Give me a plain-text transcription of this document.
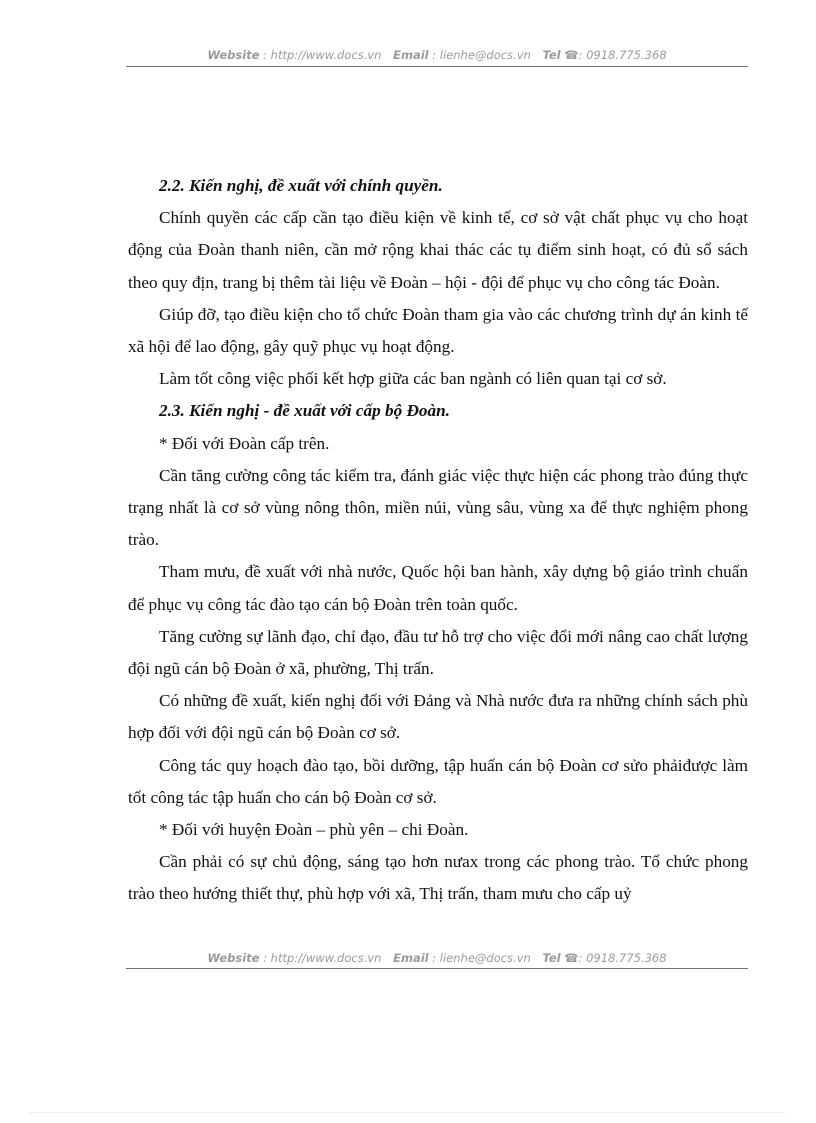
Website : http://www.docs.vn Email : lienhe@docs.vn Tel ☎: 0918.775.368

2.2. Kiến nghị, đề xuất với chính quyền.

Chính quyền các cấp cần tạo điều kiện về kinh tế, cơ sở vật chất phục vụ cho hoạt động của Đoàn thanh niên, cần mở rộng khai thác các tụ điểm sinh hoạt, có đủ sổ sách theo quy địn, trang bị thêm tài liệu về Đoàn – hội - đội để phục vụ cho công tác Đoàn.

Giúp đỡ, tạo điều kiện cho tổ chức Đoàn tham gia vào các chương trình dự án kinh tế xã hội để lao động, gây quỹ phục vụ hoạt động.

Làm tốt công việc phối kết hợp giữa các ban ngành có liên quan tại cơ sở.

2.3. Kiến nghị - đề xuất với cấp bộ Đoàn.

* Đối với Đoàn cấp trên.

Cần tăng cường công tác kiểm tra, đánh giác việc thực hiện các phong trào đúng thực trạng nhất là cơ sở vùng nông thôn, miền núi, vùng sâu, vùng xa để thực nghiệm phong trào.

Tham mưu, đề xuất với nhà nước, Quốc hội ban hành, xây dựng bộ giáo trình chuẩn để phục vụ công tác đào tạo cán bộ Đoàn trên toàn quốc.

Tăng cường sự lãnh đạo, chỉ đạo, đầu tư hỗ trợ cho việc đổi mới nâng cao chất lượng đội ngũ cán bộ Đoàn ở xã, phường, Thị trấn.

Có những đề xuất, kiến nghị đối với Đảng và Nhà nước đưa ra những chính sách phù hợp đối với đội ngũ cán bộ Đoàn cơ sở.

Công tác quy hoạch đào tạo, bồi dưỡng, tập huấn cán bộ Đoàn cơ sửo phảiđược làm tốt công tác tập huấn cho cán bộ Đoàn cơ sở.

* Đối với huyện Đoàn – phù yên – chi Đoàn.

Cần phải có sự chủ động, sáng tạo hơn nưax trong các phong trào. Tổ chức phong trào theo hướng thiết thự, phù hợp với xã, Thị trấn, tham mưu cho cấp uỷ

Website : http://www.docs.vn Email : lienhe@docs.vn Tel ☎: 0918.775.368
